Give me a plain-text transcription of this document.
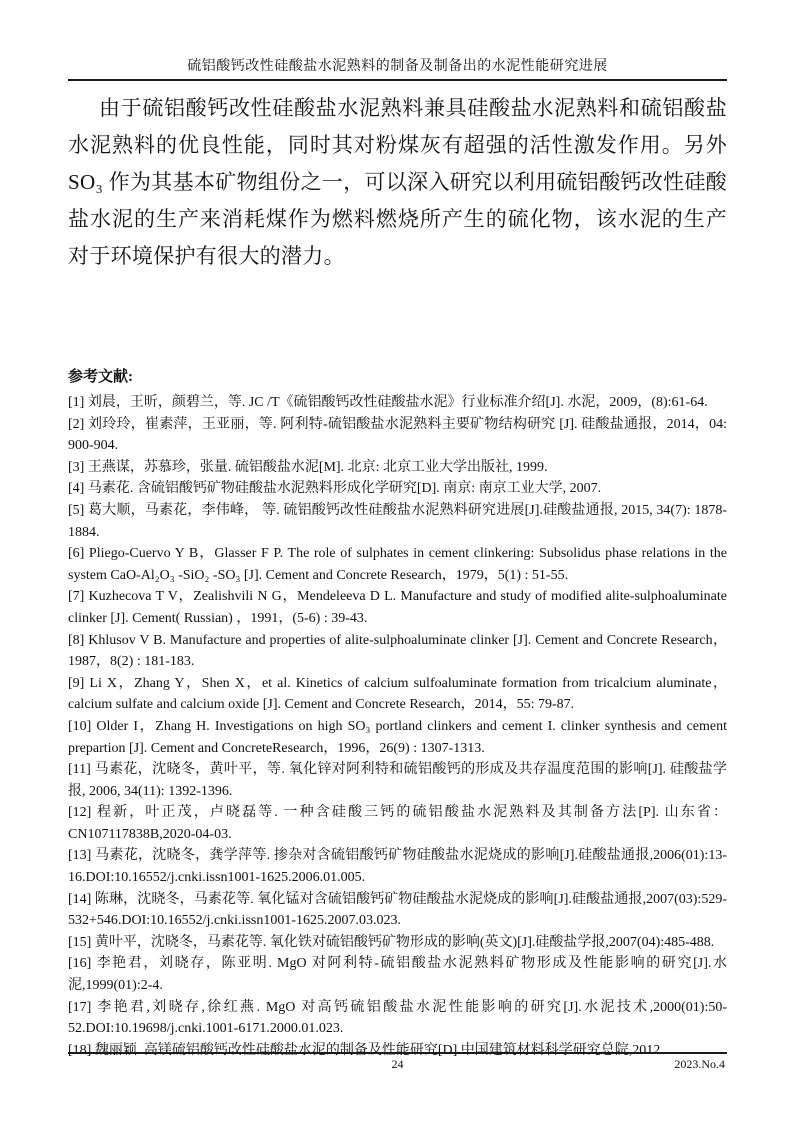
硫铝酸钙改性硅酸盐水泥熟料的制备及制备出的水泥性能研究进展

由于硫铝酸钙改性硅酸盐水泥熟料兼具硅酸盐水泥熟料和硫铝酸盐水泥熟料的优良性能，同时其对粉煤灰有超强的活性激发作用。另外 SO₃ 作为其基本矿物组份之一，可以深入研究以利用硫铝酸钙改性硅酸盐水泥的生产来消耗煤作为燃料燃烧所产生的硫化物，该水泥的生产对于环境保护有很大的潜力。

参考文献:

[1] 刘晨，王昕，颜碧兰，等. JC /T《硫铝酸钙改性硅酸盐水泥》行业标准介绍[J]. 水泥，2009，(8):61-64.

[2] 刘玲玲，崔素萍，王亚丽，等. 阿利特-硫铝酸盐水泥熟料主要矿物结构研究 [J]. 硅酸盐通报，2014，04: 900-904.

[3] 王燕谋，苏慕珍，张量. 硫铝酸盐水泥[M]. 北京: 北京工业大学出版社, 1999.

[4] 马素花. 含硫铝酸钙矿物硅酸盐水泥熟料形成化学研究[D]. 南京: 南京工业大学, 2007.

[5] 葛大顺，马素花，李伟峰， 等. 硫铝酸钙改性硅酸盐水泥熟料研究进展[J].硅酸盐通报, 2015, 34(7): 1878-1884.

[6] Pliego-Cuervo Y B，Glasser F P. The role of sulphates in cement clinkering: Subsolidus phase relations in the system CaO-Al₂O₃ -SiO₂ -SO₃ [J]. Cement and Concrete Research，1979，5(1) : 51-55.

[7] Kuzhecova T V，Zealishvili N G，Mendeleeva D L. Manufacture and study of modified alite-sulphoaluminate clinker [J]. Cement( Russian) ，1991，(5-6) : 39-43.

[8] Khlusov V B. Manufacture and properties of alite-sulphoaluminate clinker [J]. Cement and Concrete Research，1987，8(2) : 181-183.

[9] Li X，Zhang Y，Shen X，et al. Kinetics of calcium sulfoaluminate formation from tricalcium aluminate，calcium sulfate and calcium oxide [J]. Cement and Concrete Research，2014，55: 79-87.

[10] Older I，Zhang H. Investigations on high SO₃ portland clinkers and cement I. clinker synthesis and cement prepartion [J]. Cement and ConcreteResearch，1996，26(9) : 1307-1313.

[11] 马素花，沈晓冬，黄叶平，等. 氧化锌对阿利特和硫铝酸钙的形成及共存温度范围的影响[J]. 硅酸盐学报, 2006, 34(11): 1392-1396.

[12] 程新，叶正茂，卢晓磊等. 一种含硅酸三钙的硫铝酸盐水泥熟料及其制备方法[P]. 山东省：CN107117838B,2020-04-03.

[13] 马素花，沈晓冬，龚学萍等. 掺杂对含硫铝酸钙矿物硅酸盐水泥烧成的影响[J].硅酸盐通报,2006(01):13-16.DOI:10.16552/j.cnki.issn1001-1625.2006.01.005.

[14] 陈琳，沈晓冬，马素花等. 氧化锰对含硫铝酸钙矿物硅酸盐水泥烧成的影响[J].硅酸盐通报,2007(03):529-532+546.DOI:10.16552/j.cnki.issn1001-1625.2007.03.023.

[15] 黄叶平，沈晓冬，马素花等. 氧化铁对硫铝酸钙矿物形成的影响(英文)[J].硅酸盐学报,2007(04):485-488.

[16] 李艳君，刘晓存，陈亚明. MgO 对阿利特-硫铝酸盐水泥熟料矿物形成及性能影响的研究[J].水泥,1999(01):2-4.

[17] 李艳君,刘晓存,徐红燕. MgO 对高钙硫铝酸盐水泥性能影响的研究[J].水泥技术,2000(01):50-52.DOI:10.19698/j.cnki.1001-6171.2000.01.023.

[18] 魏丽颖. 高镁硫铝酸钙改性硅酸盐水泥的制备及性能研究[D].中国建筑材料科学研究总院,2012.

24	2023.No.4
